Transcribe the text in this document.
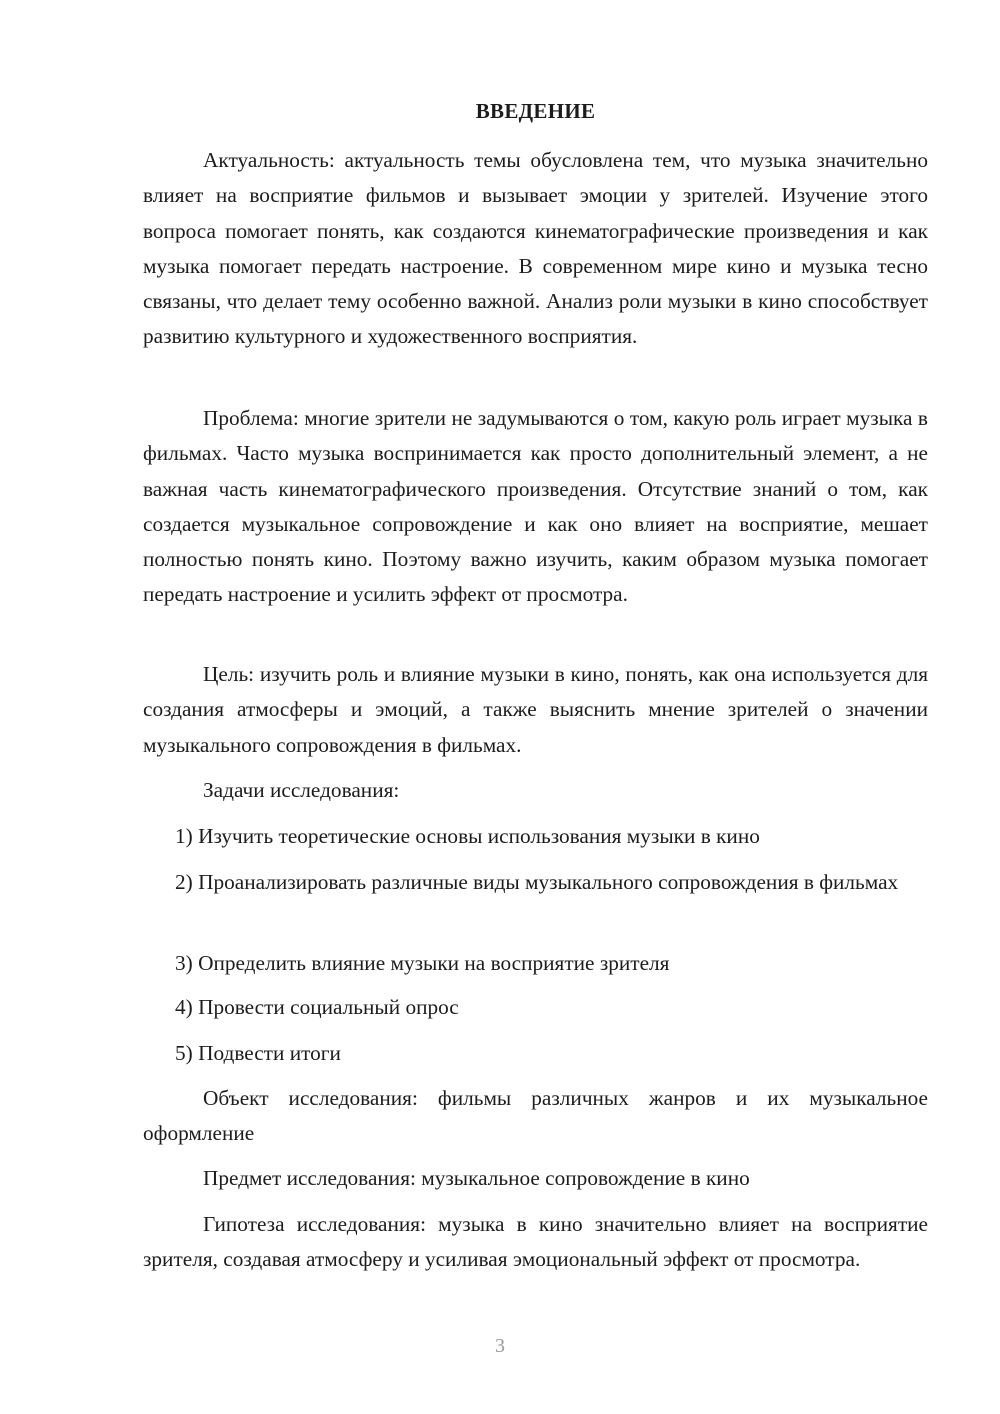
ВВЕДЕНИЕ

Актуальность: актуальность темы обусловлена тем, что музыка значительно влияет на восприятие фильмов и вызывает эмоции у зрителей. Изучение этого вопроса помогает понять, как создаются кинематографические произведения и как музыка помогает передать настроение. В современном мире кино и музыка тесно связаны, что делает тему особенно важной. Анализ роли музыки в кино способствует развитию культурного и художественного восприятия.

Проблема: многие зрители не задумываются о том, какую роль играет музыка в фильмах. Часто музыка воспринимается как просто дополнительный элемент, а не важная часть кинематографического произведения. Отсутствие знаний о том, как создается музыкальное сопровождение и как оно влияет на восприятие, мешает полностью понять кино. Поэтому важно изучить, каким образом музыка помогает передать настроение и усилить эффект от просмотра.

Цель: изучить роль и влияние музыки в кино, понять, как она используется для создания атмосферы и эмоций, а также выяснить мнение зрителей о значении музыкального сопровождения в фильмах.

Задачи исследования:

1) Изучить теоретические основы использования музыки в кино

2) Проанализировать различные виды музыкального сопровождения в фильмах

3) Определить влияние музыки на восприятие зрителя

4) Провести социальный опрос

5) Подвести итоги

Объект исследования: фильмы различных жанров и их музыкальное оформление

Предмет исследования: музыкальное сопровождение в кино

Гипотеза исследования: музыка в кино значительно влияет на восприятие зрителя, создавая атмосферу и усиливая эмоциональный эффект от просмотра.

3
